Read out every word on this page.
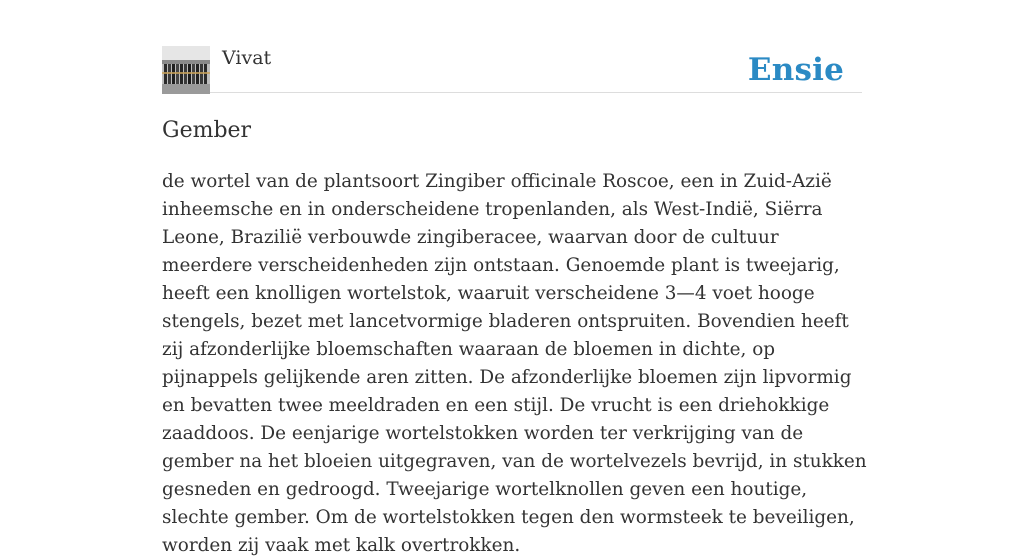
Vivat	Ensie
Gember

de wortel van de plantsoort Zingiber officinale Roscoe, een in Zuid-Azië inheemsche en in onderscheidene tropenlanden, als West-Indië, Siërra Leone, Brazilië verbouwde zingiberacee, waarvan door de cultuur meerdere verscheidenheden zijn ontstaan. Genoemde plant is tweejarig, heeft een knolligen wortelstok, waaruit verscheidene 3—4 voet hooge stengels, bezet met lancetvormige bladeren ontspruiten. Bovendien heeft zij afzonderlijke bloemschaften waaraan de bloemen in dichte, op pijnappels gelijkende aren zitten. De afzonderlijke bloemen zijn lipvormig en bevatten twee meeldraden en een stijl. De vrucht is een driehokkige zaaddoos. De eenjarige wortelstokken worden ter verkrijging van de gember na het bloeien uitgegraven, van de wortelvezels bevrijd, in stukken gesneden en gedroogd. Tweejarige wortelknollen geven een houtige, slechte gember. Om de wortelstokken tegen den wormsteek te beveiligen, worden zij vaak met kalk overtrokken.
